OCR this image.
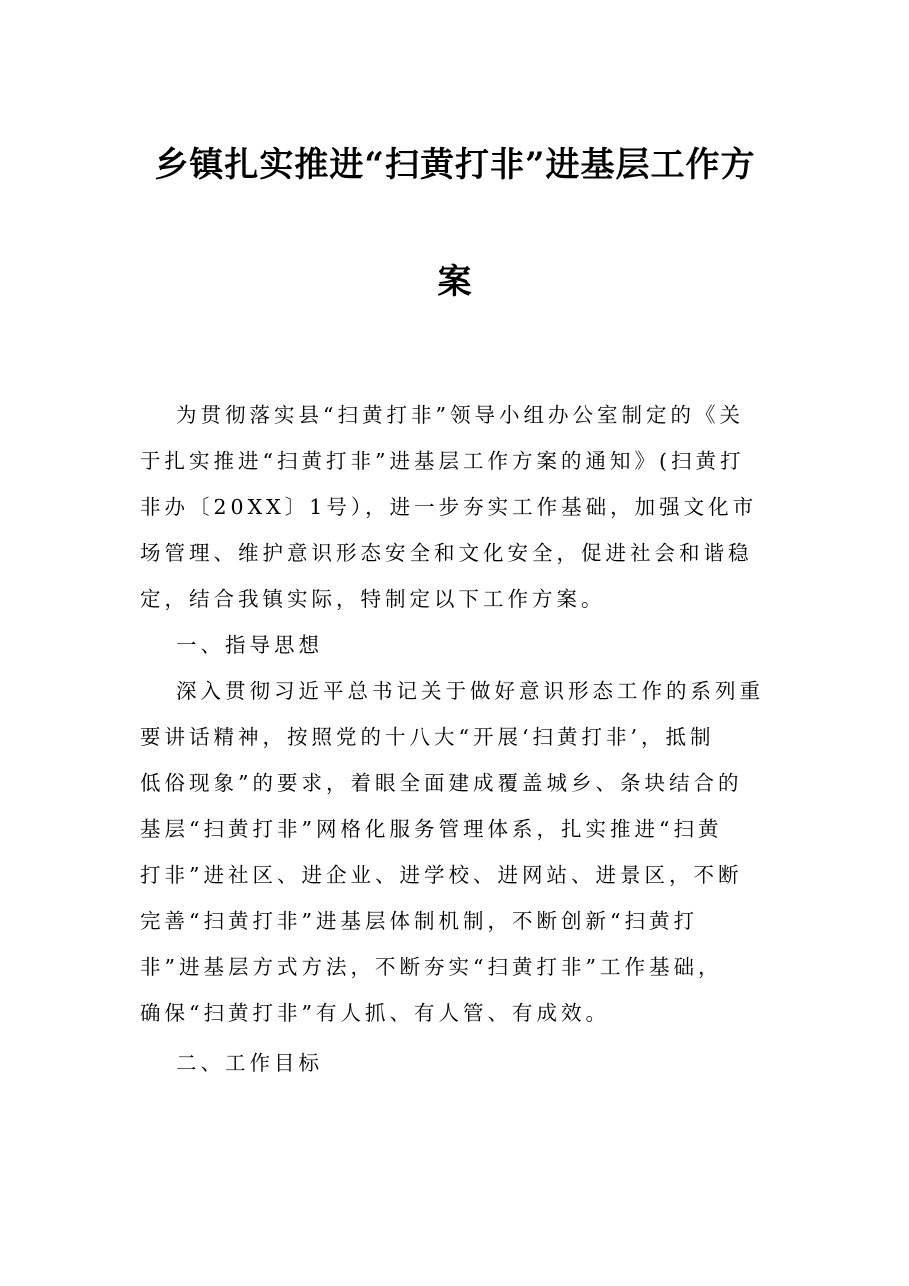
乡镇扎实推进“扫黄打非”进基层工作方
案

为贯彻落实县“扫黄打非”领导小组办公室制定的《关

于扎实推进“扫黄打非”进基层工作方案的通知》(扫黄打

非办〔20XX〕1号），进一步夯实工作基础，加强文化市

场管理、维护意识形态安全和文化安全，促进社会和谐稳

定，结合我镇实际，特制定以下工作方案。

一、指导思想

深入贯彻习近平总书记关于做好意识形态工作的系列重

要讲话精神，按照党的十八大“开展‘扫黄打非’，抵制

低俗现象”的要求，着眼全面建成覆盖城乡、条块结合的

基层“扫黄打非”网格化服务管理体系，扎实推进“扫黄

打非”进社区、进企业、进学校、进网站、进景区，不断

完善“扫黄打非”进基层体制机制，不断创新“扫黄打

非”进基层方式方法，不断夯实“扫黄打非”工作基础，

确保“扫黄打非”有人抓、有人管、有成效。

二、工作目标
